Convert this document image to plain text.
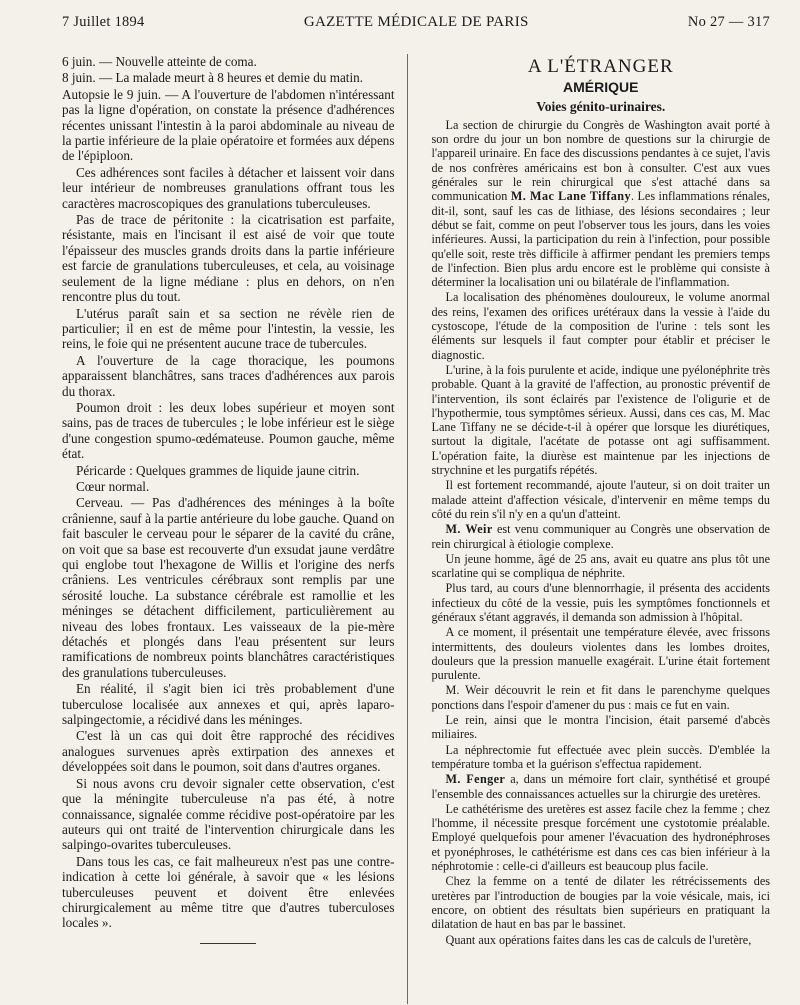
7 Juillet 1894	GAZETTE MÉDICALE DE PARIS	No 27 — 317

6 juin. — Nouvelle atteinte de coma.

8 juin. — La malade meurt à 8 heures et demie du matin.

Autopsie le 9 juin. — A l'ouverture de l'abdomen n'intéressant pas la ligne d'opération, on constate la présence d'adhérences récentes unissant l'intestin à la paroi abdominale au niveau de la partie inférieure de la plaie opératoire et formées aux dépens de l'épiploon.

Ces adhérences sont faciles à détacher et laissent voir dans leur intérieur de nombreuses granulations offrant tous les caractères macroscopiques des granulations tuberculeuses.

Pas de trace de péritonite : la cicatrisation est parfaite, résistante, mais en l'incisant il est aisé de voir que toute l'épaisseur des muscles grands droits dans la partie inférieure est farcie de granulations tuberculeuses, et cela, au voisinage seulement de la ligne médiane : plus en dehors, on n'en rencontre plus du tout.

L'utérus paraît sain et sa section ne révèle rien de particulier; il en est de même pour l'intestin, la vessie, les reins, le foie qui ne présentent aucune trace de tubercules.

A l'ouverture de la cage thoracique, les poumons apparaissent blanchâtres, sans traces d'adhérences aux parois du thorax.

Poumon droit : les deux lobes supérieur et moyen sont sains, pas de traces de tubercules ; le lobe inférieur est le siège d'une congestion spumo-œdémateuse. Poumon gauche, même état.

Péricarde : Quelques grammes de liquide jaune citrin.

Cœur normal.

Cerveau. — Pas d'adhérences des méninges à la boîte crânienne, sauf à la partie antérieure du lobe gauche. Quand on fait basculer le cerveau pour le séparer de la cavité du crâne, on voit que sa base est recouverte d'un exsudat jaune verdâtre qui englobe tout l'hexagone de Willis et l'origine des nerfs crâniens. Les ventricules cérébraux sont remplis par une sérosité louche. La substance cérébrale est ramollie et les méninges se détachent difficilement, particulièrement au niveau des lobes frontaux. Les vaisseaux de la pie-mère détachés et plongés dans l'eau présentent sur leurs ramifications de nombreux points blanchâtres caractéristiques des granulations tuberculeuses.

En réalité, il s'agit bien ici très probablement d'une tuberculose localisée aux annexes et qui, après laparo-salpingectomie, a récidivé dans les méninges.

C'est là un cas qui doit être rapproché des récidives analogues survenues après extirpation des annexes et développées soit dans le poumon, soit dans d'autres organes.

Si nous avons cru devoir signaler cette observation, c'est que la méningite tuberculeuse n'a pas été, à notre connaissance, signalée comme récidive post-opératoire par les auteurs qui ont traité de l'intervention chirurgicale dans les salpingo-ovarites tuberculeuses.

Dans tous les cas, ce fait malheureux n'est pas une contre-indication à cette loi générale, à savoir que « les lésions tuberculeuses peuvent et doivent être enlevées chirurgicalement au même titre que d'autres tuberculoses locales ».

A L'ÉTRANGER
AMÉRIQUE
Voies génito-urinaires.

La section de chirurgie du Congrès de Washington avait porté à son ordre du jour un bon nombre de questions sur la chirurgie de l'appareil urinaire. En face des discussions pendantes à ce sujet, l'avis de nos confrères américains est bon à consulter. C'est aux vues générales sur le rein chirurgical que s'est attaché dans sa communication M. Mac Lane Tiffany. Les inflammations rénales, dit-il, sont, sauf les cas de lithiase, des lésions secondaires ; leur début se fait, comme on peut l'observer tous les jours, dans les voies inférieures. Aussi, la participation du rein à l'infection, pour possible qu'elle soit, reste très difficile à affirmer pendant les premiers temps de l'infection. Bien plus ardu encore est le problème qui consiste à déterminer la localisation uni ou bilatérale de l'inflammation.

La localisation des phénomènes douloureux, le volume anormal des reins, l'examen des orifices urétéraux dans la vessie à l'aide du cystoscope, l'étude de la composition de l'urine : tels sont les éléments sur lesquels il faut compter pour établir et préciser le diagnostic.

L'urine, à la fois purulente et acide, indique une pyélonéphrite très probable. Quant à la gravité de l'affection, au pronostic préventif de l'intervention, ils sont éclairés par l'existence de l'oligurie et de l'hypothermie, tous symptômes sérieux. Aussi, dans ces cas, M. Mac Lane Tiffany ne se décide-t-il à opérer que lorsque les diurétiques, surtout la digitale, l'acétate de potasse ont agi suffisamment. L'opération faite, la diurèse est maintenue par les injections de strychnine et les purgatifs répétés.

Il est fortement recommandé, ajoute l'auteur, si on doit traiter un malade atteint d'affection vésicale, d'intervenir en même temps du côté du rein s'il n'y en a qu'un d'atteint.

M. Weir est venu communiquer au Congrès une observation de rein chirurgical à étiologie complexe.

Un jeune homme, âgé de 25 ans, avait eu quatre ans plus tôt une scarlatine qui se compliqua de néphrite.

Plus tard, au cours d'une blennorrhagie, il présenta des accidents infectieux du côté de la vessie, puis les symptômes fonctionnels et généraux s'étant aggravés, il demanda son admission à l'hôpital.

A ce moment, il présentait une température élevée, avec frissons intermittents, des douleurs violentes dans les lombes droites, douleurs que la pression manuelle exagérait. L'urine était fortement purulente.

M. Weir découvrit le rein et fit dans le parenchyme quelques ponctions dans l'espoir d'amener du pus : mais ce fut en vain.

Le rein, ainsi que le montra l'incision, était parsemé d'abcès miliaires.

La néphrectomie fut effectuée avec plein succès. D'emblée la température tomba et la guérison s'effectua rapidement.

M. Fenger a, dans un mémoire fort clair, synthétisé et groupé l'ensemble des connaissances actuelles sur la chirurgie des uretères.

Le cathétérisme des uretères est assez facile chez la femme ; chez l'homme, il nécessite presque forcément une cystotomie préalable. Employé quelquefois pour amener l'évacuation des hydronéphroses et pyonéphroses, le cathétérisme est dans ces cas bien inférieur à la néphrotomie : celle-ci d'ailleurs est beaucoup plus facile.

Chez la femme on a tenté de dilater les rétrécissements des uretères par l'introduction de bougies par la voie vésicale, mais, ici encore, on obtient des résultats bien supérieurs en pratiquant la dilatation de haut en bas par le bassinet.

Quant aux opérations faites dans les cas de calculs de l'uretère,
